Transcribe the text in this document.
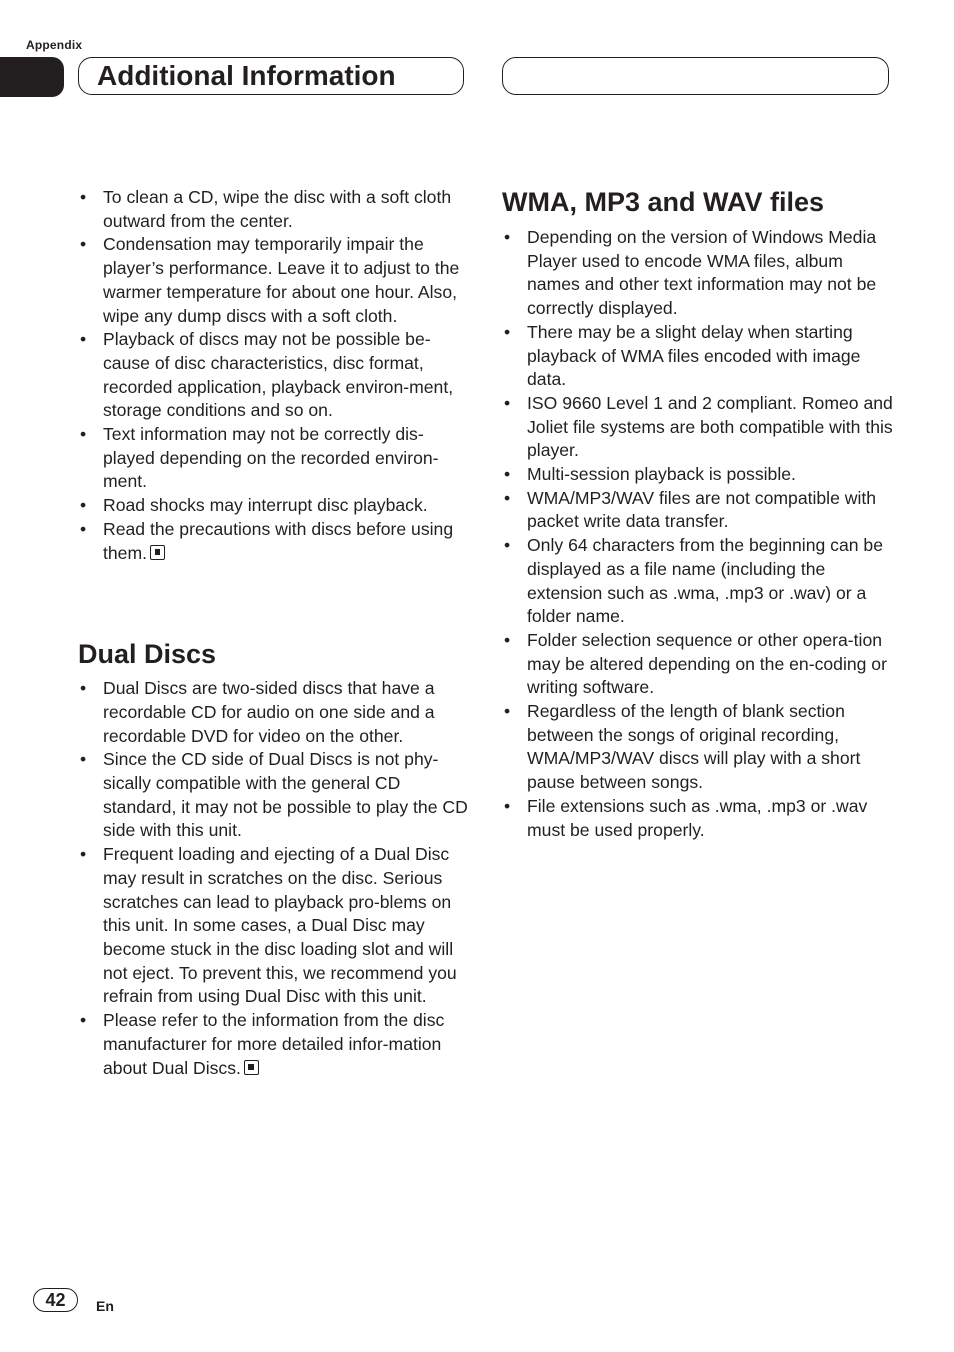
Appendix
Additional Information
• To clean a CD, wipe the disc with a soft cloth outward from the center.
• Condensation may temporarily impair the player’s performance. Leave it to adjust to the warmer temperature for about one hour. Also, wipe any dump discs with a soft cloth.
• Playback of discs may not be possible be-cause of disc characteristics, disc format, recorded application, playback environ-ment, storage conditions and so on.
• Text information may not be correctly dis-played depending on the recorded environ-ment.
• Road shocks may interrupt disc playback.
• Read the precautions with discs before using them.
Dual Discs
• Dual Discs are two-sided discs that have a recordable CD for audio on one side and a recordable DVD for video on the other.
• Since the CD side of Dual Discs is not phy-sically compatible with the general CD standard, it may not be possible to play the CD side with this unit.
• Frequent loading and ejecting of a Dual Disc may result in scratches on the disc. Serious scratches can lead to playback pro-blems on this unit. In some cases, a Dual Disc may become stuck in the disc loading slot and will not eject. To prevent this, we recommend you refrain from using Dual Disc with this unit.
• Please refer to the information from the disc manufacturer for more detailed infor-mation about Dual Discs.
WMA, MP3 and WAV files
• Depending on the version of Windows Media Player used to encode WMA files, album names and other text information may not be correctly displayed.
• There may be a slight delay when starting playback of WMA files encoded with image data.
• ISO 9660 Level 1 and 2 compliant. Romeo and Joliet file systems are both compatible with this player.
• Multi-session playback is possible.
• WMA/MP3/WAV files are not compatible with packet write data transfer.
• Only 64 characters from the beginning can be displayed as a file name (including the extension such as .wma, .mp3 or .wav) or a folder name.
• Folder selection sequence or other opera-tion may be altered depending on the en-coding or writing software.
• Regardless of the length of blank section between the songs of original recording, WMA/MP3/WAV discs will play with a short pause between songs.
• File extensions such as .wma, .mp3 or .wav must be used properly.
42	En
